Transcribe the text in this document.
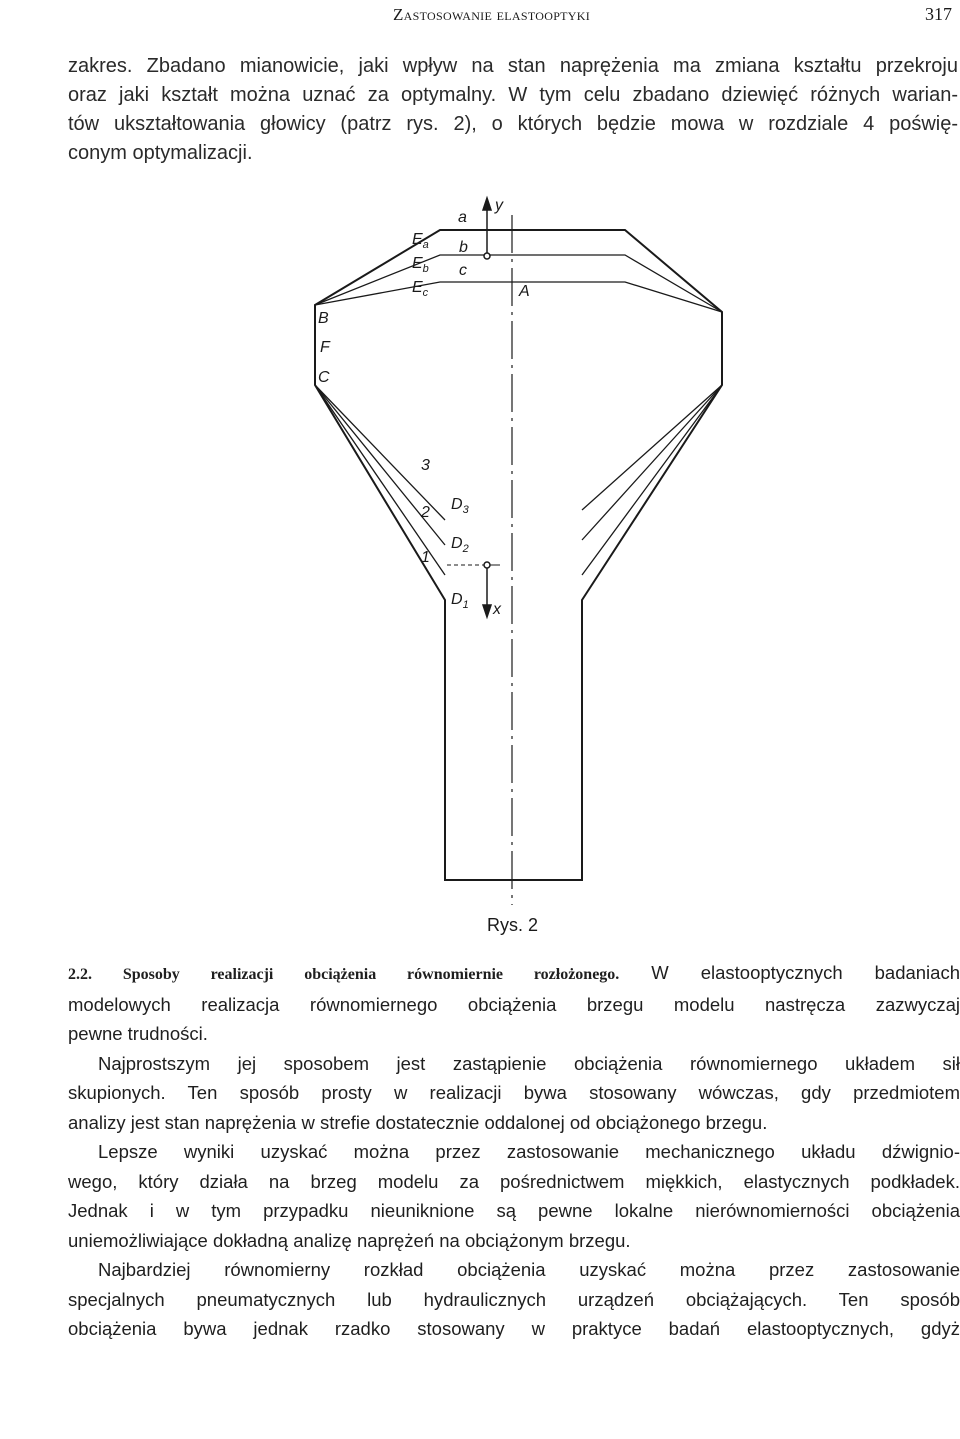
Zastosowanie elastooptyki	317
zakres. Zbadano mianowicie, jaki wpływ na stan naprężenia ma zmiana kształtu przekroju
oraz jaki kształt można uznać za optymalny. W tym celu zbadano dziewięć różnych warian-
tów ukształtowania głowicy (patrz rys. 2), o których będzie mowa w rozdziale 4 poświę-
conym optymalizacji.
y
a
b
c
$E_a$
$E_b$
$E_c$	A
B
F
C
3
2
1
$D_3$
$D_2$
$D_1$ x
Rys. 2
2.2. Sposoby realizacji obciążenia równomiernie rozłożonego. W elastooptycznych badaniach
modelowych realizacja równomiernego obciążenia brzegu modelu nastręcza zazwyczaj
pewne trudności.
Najprostszym jej sposobem jest zastąpienie obciążenia równomiernego układem sił
skupionych. Ten sposób prosty w realizacji bywa stosowany wówczas, gdy przedmiotem
analizy jest stan naprężenia w strefie dostatecznie oddalonej od obciążonego brzegu.
Lepsze wyniki uzyskać można przez zastosowanie mechanicznego układu dźwignio-
wego, który działa na brzeg modelu za pośrednictwem miękkich, elastycznych podkładek.
Jednak i w tym przypadku nieuniknione są pewne lokalne nierównomierności obciążenia
uniemożliwiające dokładną analizę naprężeń na obciążonym brzegu.
Najbardziej równomierny rozkład obciążenia uzyskać można przez zastosowanie
specjalnych pneumatycznych lub hydraulicznych urządzeń obciążających. Ten sposób
obciążenia bywa jednak rzadko stosowany w praktyce badań elastooptycznych, gdyż
